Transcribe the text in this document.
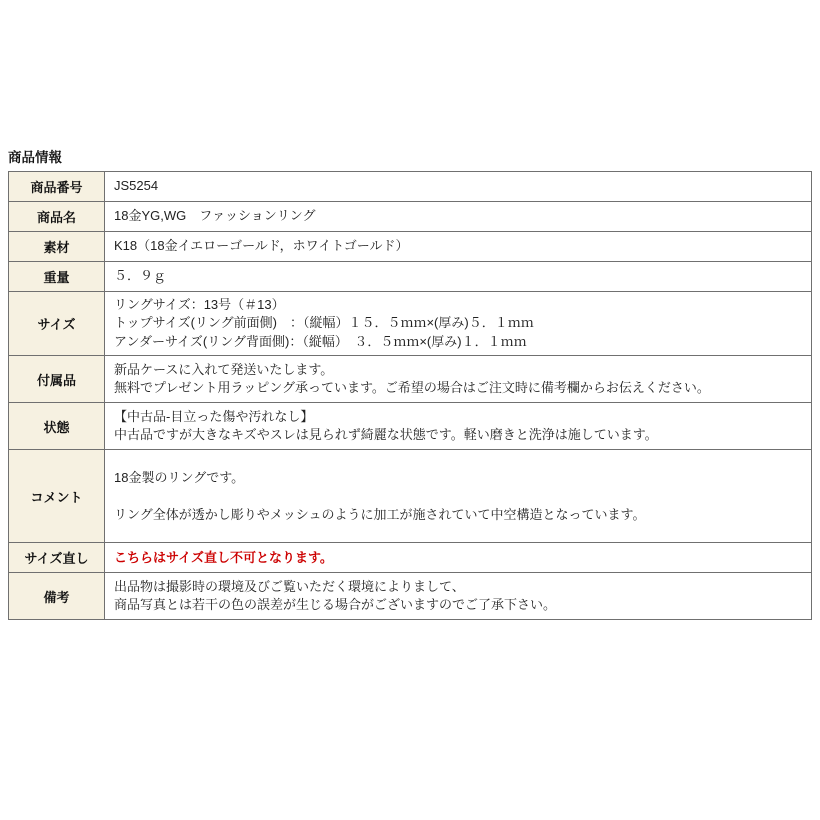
商品情報
商品番号	JS5254

商品名	18金YG,WG　ファッションリング

素材	K18（18金イエローゴールド，ホワイトゴールド）

重量	５．９ｇ

サイズ	リングサイズ：13号（＃13）
トップサイズ(リング前面側)　：（縦幅）１５．５ｍｍ×(厚み)５．１ｍｍ
アンダーサイズ(リング背面側)：（縦幅）　３．５ｍｍ×(厚み)１．１ｍｍ

付属品	新品ケースに入れて発送いたします。
無料でプレゼント用ラッピング承っています。ご希望の場合はご注文時に備考欄からお伝えください。

状態	【中古品-目立った傷や汚れなし】
中古品ですが大きなキズやスレは見られず綺麗な状態です。軽い磨きと洗浄は施しています。

コメント	18金製のリングです。
リング全体が透かし彫りやメッシュのように加工が施されていて中空構造となっています。

サイズ直し	こちらはサイズ直し不可となります。

備考	出品物は撮影時の環境及びご覧いただく環境によりまして、
商品写真とは若干の色の誤差が生じる場合がございますのでご了承下さい。
